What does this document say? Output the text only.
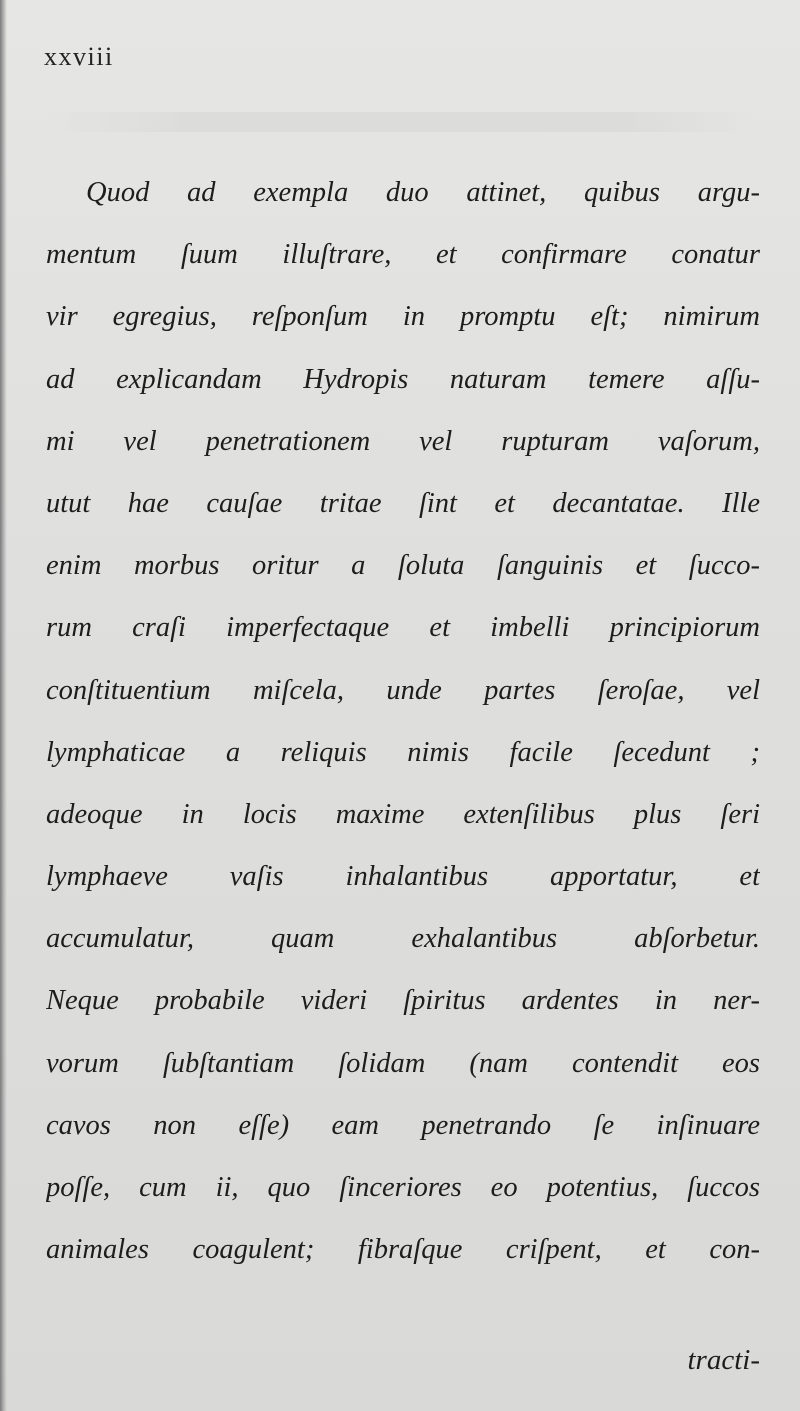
xxviii
Quod ad exempla duo attinet, quibus argu-
mentum ſuum illuſtrare, et confirmare conatur
vir egregius, reſponſum in promptu eſt; nimirum
ad explicandam Hydropis naturam temere aſſu-
mi vel penetrationem vel rupturam vaſorum,
utut hae cauſae tritae ſint et decantatae. Ille
enim morbus oritur a ſoluta ſanguinis et ſucco-
rum craſi imperfectaque et imbelli principiorum
conſtituentium miſcela, unde partes ſeroſae, vel
lymphaticae a reliquis nimis facile ſecedunt ;
adeoque in locis maxime extenſilibus plus ſeri
lymphaeve vaſis inhalantibus apportatur, et
accumulatur, quam exhalantibus abſorbetur.
Neque probabile videri ſpiritus ardentes in ner-
vorum ſubſtantiam ſolidam (nam contendit eos
cavos non eſſe) eam penetrando ſe inſinuare
poſſe, cum ii, quo ſinceriores eo potentius, ſuccos
animales coagulent; fibraſque criſpent, et con-
tracti-
